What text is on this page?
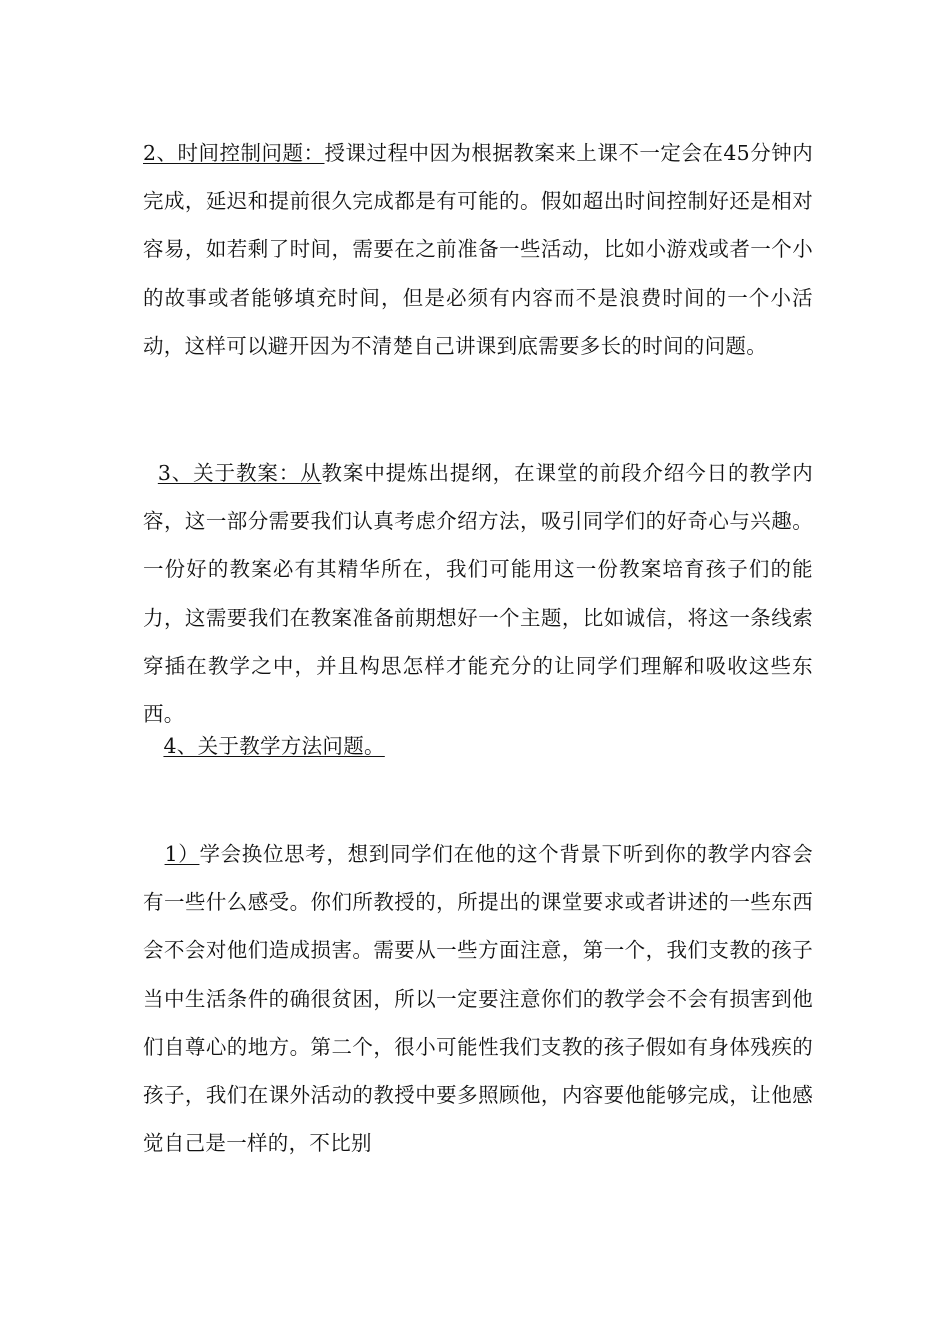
2、时间控制问题：授课过程中因为根据教案来上课不一定会在45分钟内完成，延迟和提前很久完成都是有可能的。假如超出时间控制好还是相对容易，如若剩了时间，需要在之前准备一些活动，比如小游戏或者一个小的故事或者能够填充时间，但是必须有内容而不是浪费时间的一个小活动，这样可以避开因为不清楚自己讲课到底需要多长的时间的问题。

3、关于教案：从教案中提炼出提纲，在课堂的前段介绍今日的教学内容，这一部分需要我们认真考虑介绍方法，吸引同学们的好奇心与兴趣。一份好的教案必有其精华所在，我们可能用这一份教案培育孩子们的能力，这需要我们在教案准备前期想好一个主题，比如诚信，将这一条线索穿插在教学之中，并且构思怎样才能充分的让同学们理解和吸收这些东西。

4、关于教学方法问题。

1）学会换位思考，想到同学们在他的这个背景下听到你的教学内容会有一些什么感受。你们所教授的，所提出的课堂要求或者讲述的一些东西会不会对他们造成损害。需要从一些方面注意，第一个，我们支教的孩子当中生活条件的确很贫困，所以一定要注意你们的教学会不会有损害到他们自尊心的地方。第二个，很小可能性我们支教的孩子假如有身体残疾的孩子，我们在课外活动的教授中要多照顾他，内容要他能够完成，让他感觉自己是一样的，不比别
